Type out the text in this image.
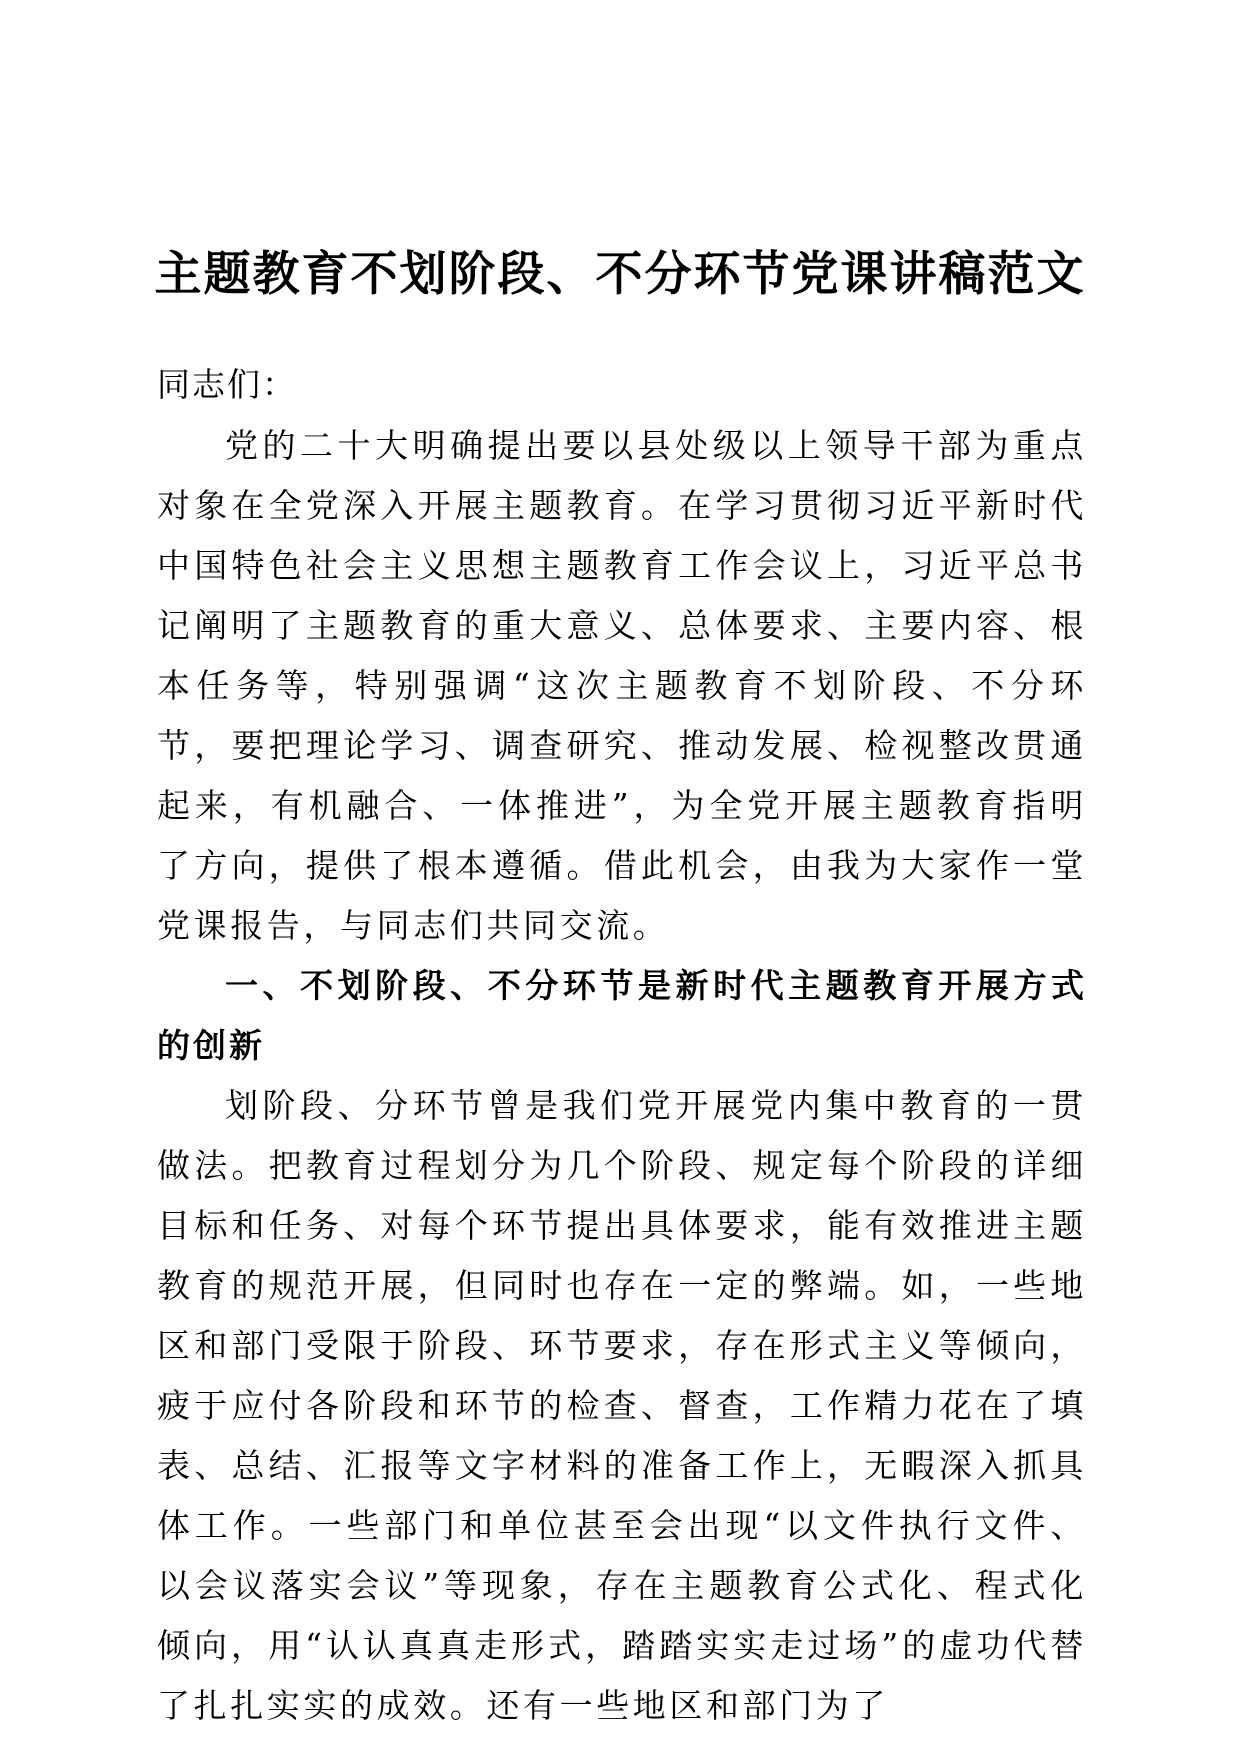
主题教育不划阶段、不分环节党课讲稿范文

同志们：

党的二十大明确提出要以县处级以上领导干部为重点对象在全党深入开展主题教育。在学习贯彻习近平新时代中国特色社会主义思想主题教育工作会议上，习近平总书记阐明了主题教育的重大意义、总体要求、主要内容、根本任务等，特别强调“这次主题教育不划阶段、不分环节，要把理论学习、调查研究、推动发展、检视整改贯通起来，有机融合、一体推进”，为全党开展主题教育指明了方向，提供了根本遵循。借此机会，由我为大家作一堂党课报告，与同志们共同交流。

一、不划阶段、不分环节是新时代主题教育开展方式的创新

划阶段、分环节曾是我们党开展党内集中教育的一贯做法。把教育过程划分为几个阶段、规定每个阶段的详细目标和任务、对每个环节提出具体要求，能有效推进主题教育的规范开展，但同时也存在一定的弊端。如，一些地区和部门受限于阶段、环节要求，存在形式主义等倾向，疲于应付各阶段和环节的检查、督查，工作精力花在了填表、总结、汇报等文字材料的准备工作上，无暇深入抓具体工作。一些部门和单位甚至会出现“以文件执行文件、以会议落实会议”等现象，存在主题教育公式化、程式化倾向，用“认认真真走形式，踏踏实实走过场”的虚功代替了扎扎实实的成效。还有一些地区和部门为了
